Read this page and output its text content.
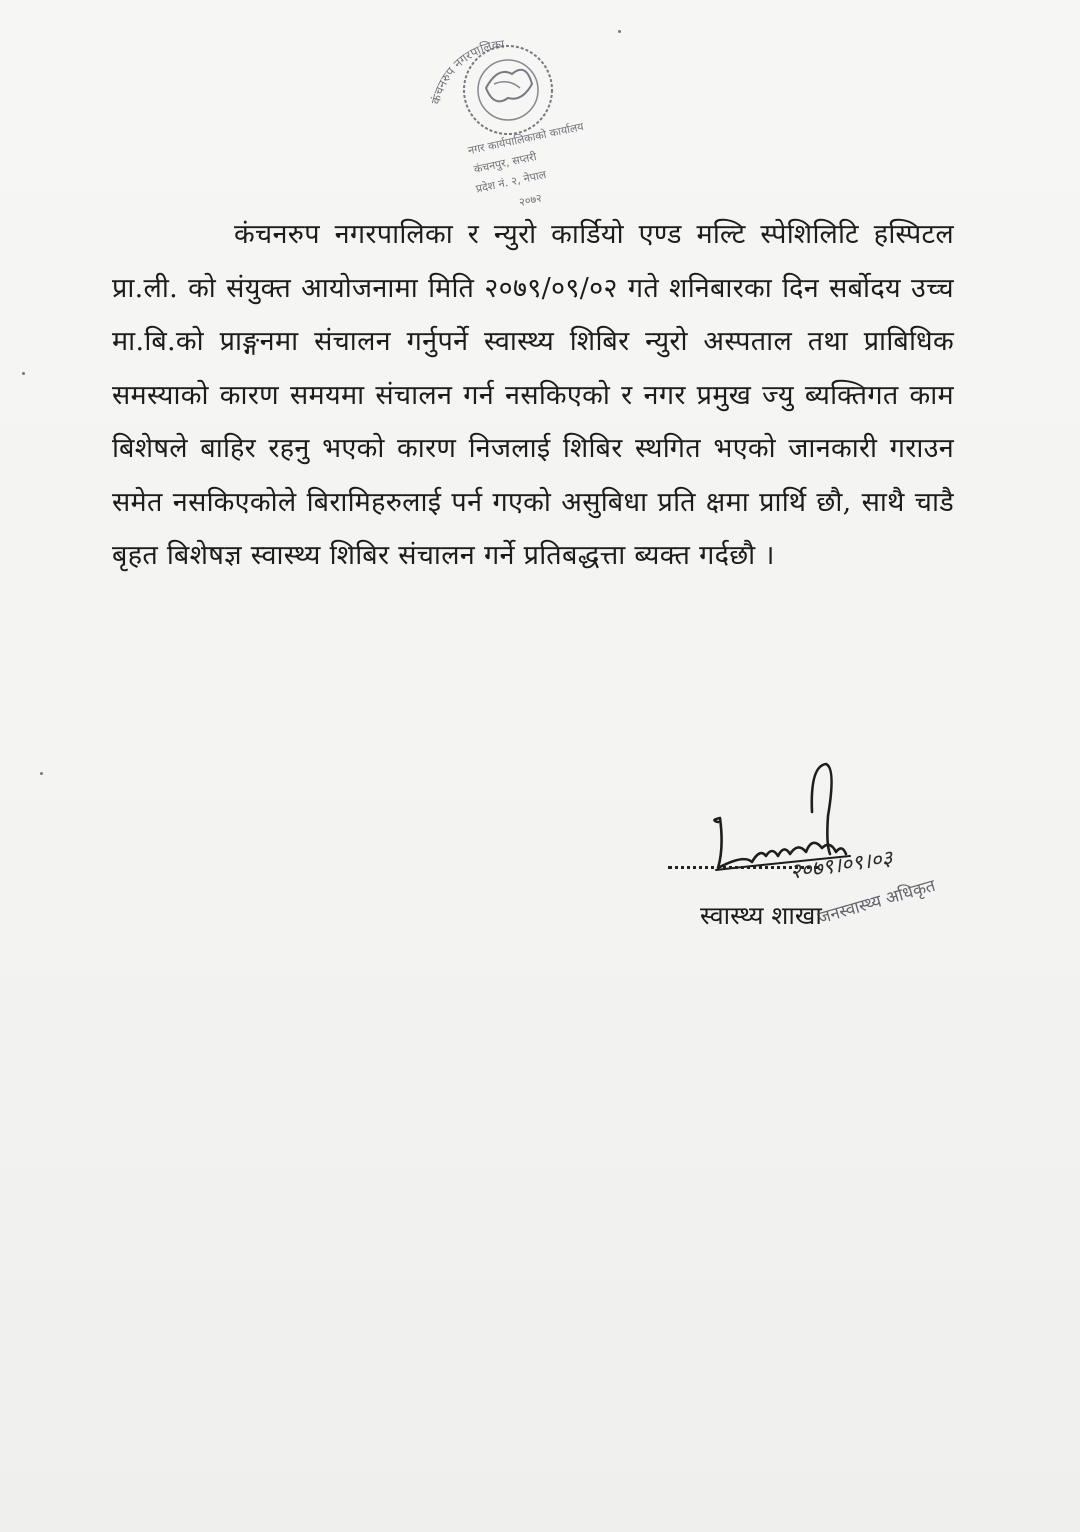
कंचनरुप नगरपालिका
नगर कार्यपालिकाको कार्यालय
कंचनपुर, सप्तरी
प्रदेश नं. २, नेपाल
२०७२

कंचनरुप नगरपालिका र न्युरो कार्डियो एण्ड मल्टि स्पेशिलिटि हस्पिटल प्रा.ली. को संयुक्त आयोजनामा मिति २०७९/०९/०२ गते शनिबारका दिन सर्बोदय उच्च मा.बि.को प्राङ्गनमा संचालन गर्नुपर्ने स्वास्थ्य शिबिर न्युरो अस्पताल तथा प्राबिधिक समस्याको कारण समयमा संचालन गर्न नसकिएको र नगर प्रमुख ज्यु ब्यक्तिगत काम बिशेषले बाहिर रहनु भएको कारण निजलाई शिबिर स्थगित भएको जानकारी गराउन समेत नसकिएकोले बिरामिहरुलाई पर्न गएको असुबिधा प्रति क्षमा प्रार्थि छौ, साथै चाडै बृहत बिशेषज्ञ स्वास्थ्य शिबिर संचालन गर्ने प्रतिबद्धत्ता ब्यक्त गर्दछौ ।

२०७९।०९।०३
स्वास्थ्य शाखा
जनस्वास्थ्य अधिकृत
